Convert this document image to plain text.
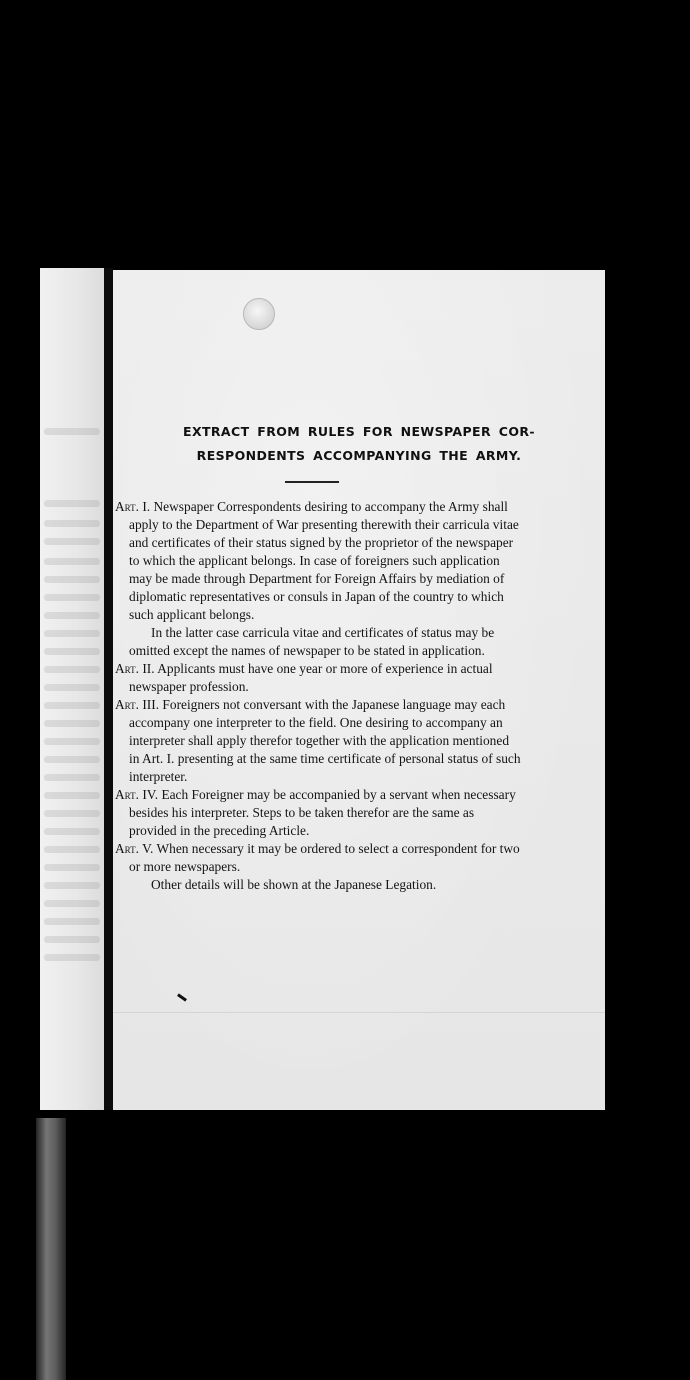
EXTRACT FROM RULES FOR NEWSPAPER COR-
RESPONDENTS ACCOMPANYING THE ARMY.

Art. I. Newspaper Correspondents desiring to accompany the Army shall apply to the Department of War presenting therewith their carricula vitae and certificates of their status signed by the proprietor of the newspaper to which the applicant belongs. In case of foreigners such application may be made through Department for Foreign Affairs by mediation of diplomatic representatives or consuls in Japan of the country to which such applicant belongs.

In the latter case carricula vitae and certificates of status may be omitted except the names of newspaper to be stated in application.

Art. II. Applicants must have one year or more of experience in actual newspaper profession.

Art. III. Foreigners not conversant with the Japanese language may each accompany one interpreter to the field. One desiring to accompany an interpreter shall apply therefor together with the application mentioned in Art. I. presenting at the same time certificate of personal status of such interpreter.

Art. IV. Each Foreigner may be accompanied by a servant when necessary besides his interpreter. Steps to be taken therefor are the same as provided in the preceding Article.

Art. V. When necessary it may be ordered to select a correspondent for two or more newspapers.

Other details will be shown at the Japanese Legation.
